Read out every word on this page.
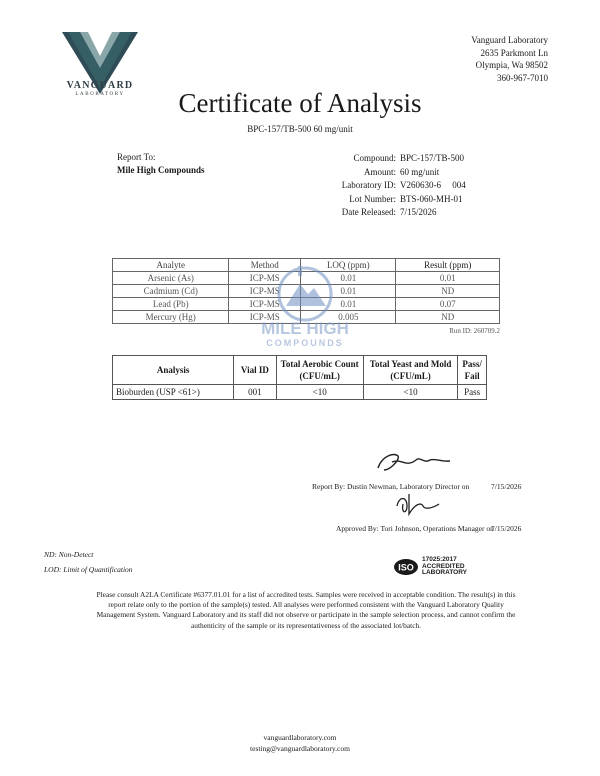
VANGUARD
LABORATORY
Vanguard Laboratory
2635 Parkmont Ln
Olympia, Wa 98502
360-967-7010
Certificate of Analysis
BPC-157/TB-500 60 mg/unit
Report To:
Mile High Compounds
Compound: BPC-157/TB-500
Amount: 60 mg/unit
Laboratory ID: V260630-6     004
Lot Number: BTS-060-MH-01
Date Released: 7/15/2026
Analyte	Method	LOQ (ppm)	Result (ppm)
Arsenic (As)	ICP-MS	0.01	0.01
Cadmium (Cd)	ICP-MS	0.01	ND
Lead (Pb)	ICP-MS	0.01	0.07
Mercury (Hg)	ICP-MS	0.005	ND
Run ID: 260709.2
MILE HIGH
COMPOUNDS
Analysis	Vial ID	Total Aerobic Count (CFU/mL)	Total Yeast and Mold (CFU/mL)	Pass/ Fail
Bioburden (USP <61>)	001	<10	<10	Pass
Report By: Dustin Newman, Laboratory Director on	7/15/2026
Approved By: Tori Johnson, Operations Manager on
7/15/2026
ND: Non-Detect
LOD: Limit of Quantification	ISO
17025:2017
ACCREDITED
LABORATORY
Please consult A2LA Certificate #6377.01.01 for a list of accredited tests. Samples were received in acceptable condition. The result(s) in this report relate only to the portion of the sample(s) tested. All analyses were performed consistent with the Vanguard Laboratory Quality Management System. Vanguard Laboratory and its staff did not observe or participate in the sample selection process, and cannot confirm the authenticity of the sample or its representativeness of the associated lot/batch.
vanguardlaboratory.com
testing@vanguardlaboratory.com
